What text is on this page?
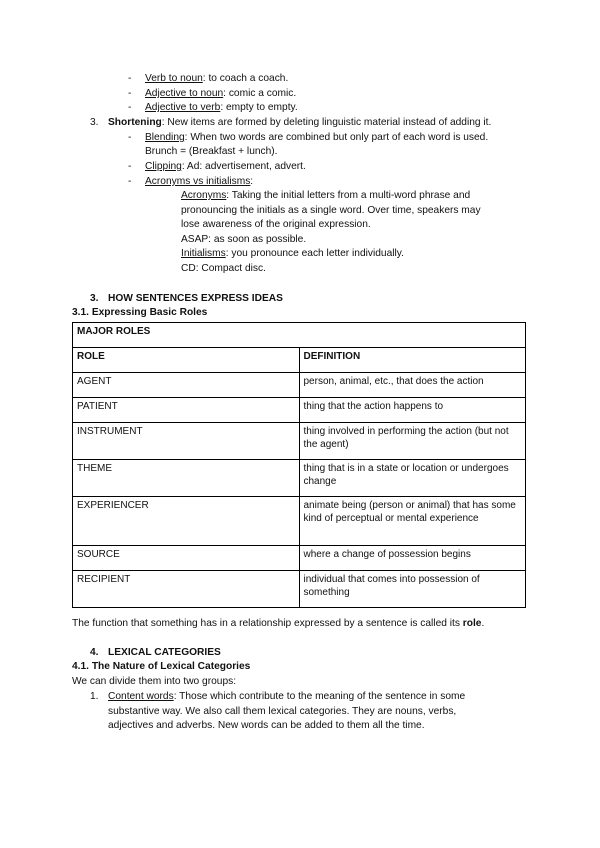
- Verb to noun: to coach a coach.
- Adjective to noun: comic a comic.
- Adjective to verb: empty to empty.
3. Shortening: New items are formed by deleting linguistic material instead of adding it.
- Blending: When two words are combined but only part of each word is used.
Brunch = (Breakfast + lunch).
- Clipping: Ad: advertisement, advert.
- Acronyms vs initialisms:
Acronyms: Taking the initial letters from a multi-word phrase and
pronouncing the initials as a single word. Over time, speakers may
lose awareness of the original expression.
ASAP: as soon as possible.
Initialisms: you pronounce each letter individually.
CD: Compact disc.
3. HOW SENTENCES EXPRESS IDEAS
3.1. Expressing Basic Roles
MAJOR ROLES	
ROLE	DEFINITION
AGENT	person, animal, etc., that does the action
PATIENT	thing that the action happens to
INSTRUMENT	thing involved in performing the action (but not the agent)
THEME	thing that is in a state or location or undergoes change
EXPERIENCER	animate being (person or animal) that has some kind of perceptual or mental experience
SOURCE	where a change of possession begins
RECIPIENT	individual that comes into possession of something
The function that something has in a relationship expressed by a sentence is called its role.
4. LEXICAL CATEGORIES
4.1. The Nature of Lexical Categories
We can divide them into two groups:
1. Content words: Those which contribute to the meaning of the sentence in some
substantive way. We also call them lexical categories. They are nouns, verbs,
adjectives and adverbs. New words can be added to them all the time.
